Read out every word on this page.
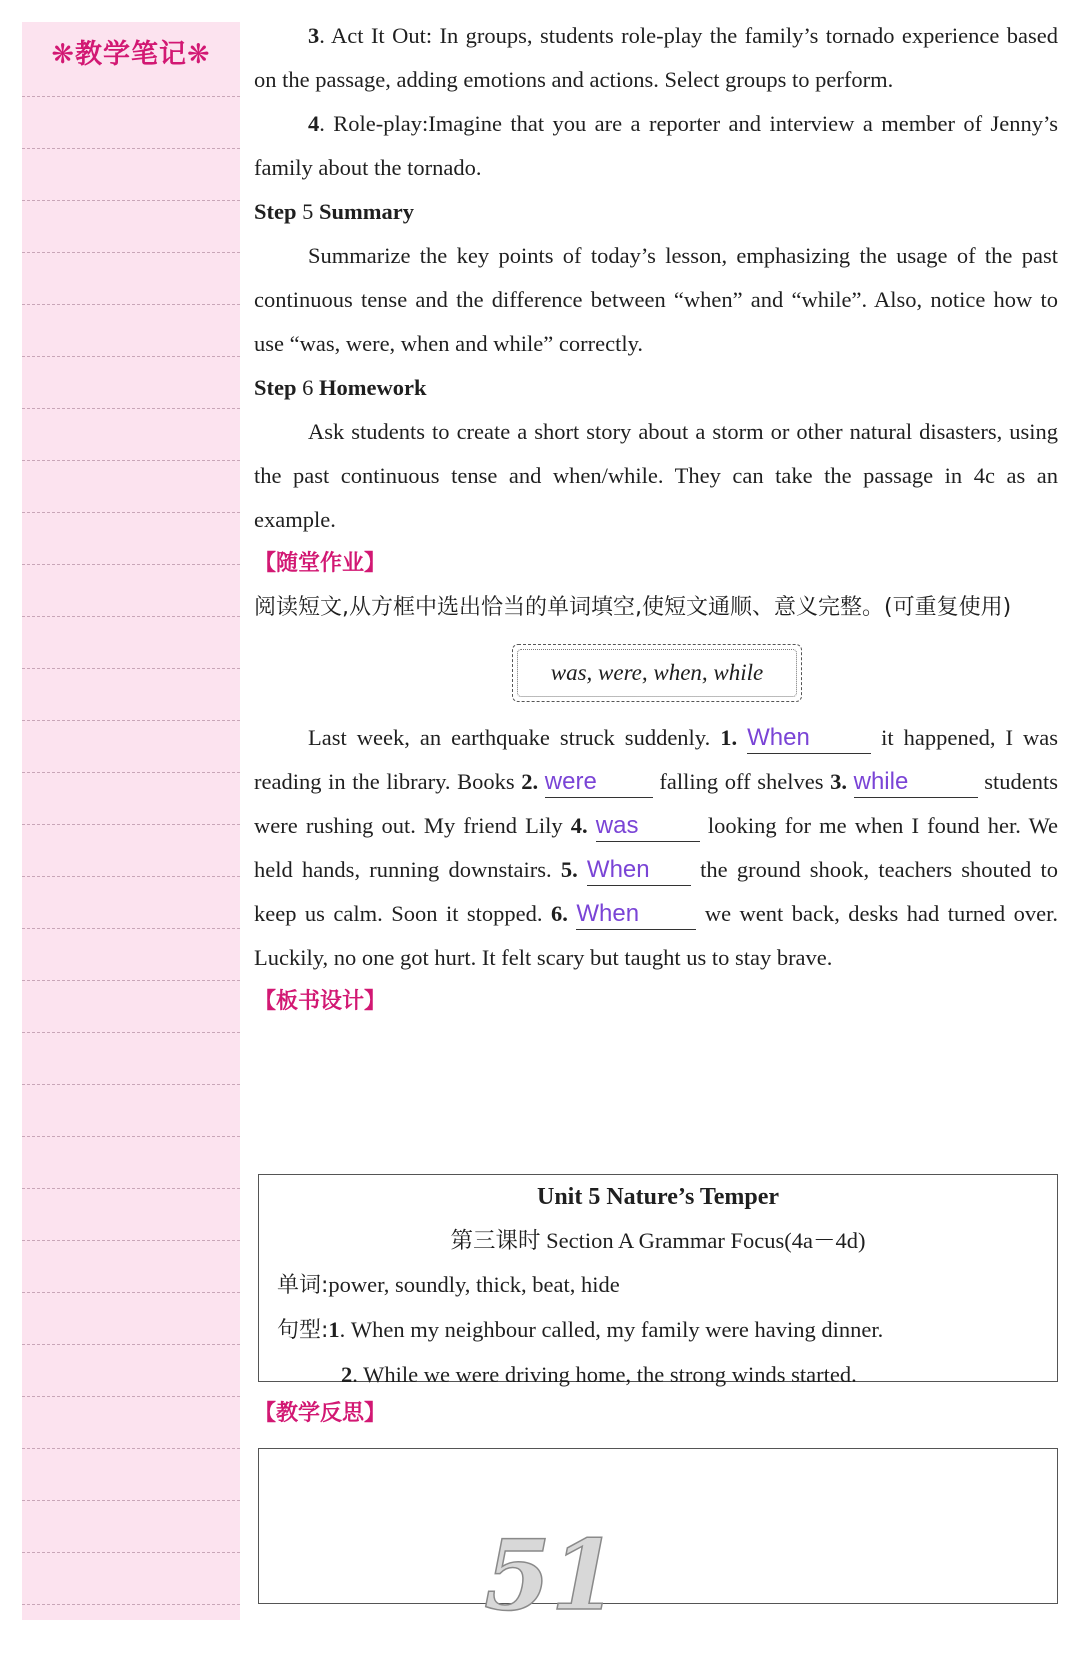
❋教学笔记❋

3. Act It Out: In groups, students role-play the family’s tornado experience based on the passage, adding emotions and actions. Select groups to perform.

4. Role-play:Imagine that you are a reporter and interview a member of Jenny’s family about the tornado.

Step 5 Summary

Summarize the key points of today’s lesson, emphasizing the usage of the past continuous tense and the difference between “when” and “while”. Also, notice how to use “was, were, when and while” correctly.

Step 6 Homework

Ask students to create a short story about a storm or other natural disasters, using the past continuous tense and when/while. They can take the passage in 4c as an example.

【随堂作业】

阅读短文,从方框中选出恰当的单词填空,使短文通顺、意义完整。(可重复使用)

was, were, when, while

Last week, an earthquake struck suddenly. 1. When	it happened, I was reading in the library. Books 2. were falling off shelves 3. while	students were rushing out. My friend Lily 4. was	looking for me when I found her. We held hands, running downstairs. 5. When the ground shook, teachers shouted to keep us calm. Soon it stopped. 6. When	we went back, desks had turned over. Luckily, no one got hurt. It felt scary but taught us to stay brave.

【板书设计】

Unit 5 Nature’s Temper
第三课时 Section A Grammar Focus(4a－4d)
单词:power, soundly, thick, beat, hide
句型:1. When my neighbour called, my family were having dinner.
2. While we were driving home, the strong winds started.
【教学反思】
51
